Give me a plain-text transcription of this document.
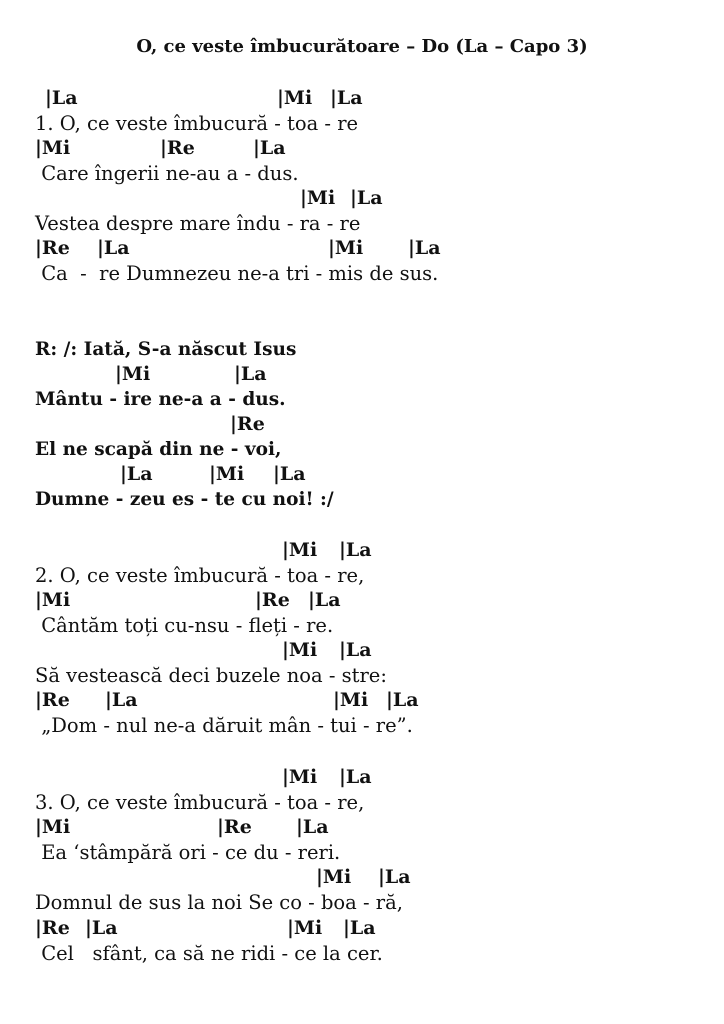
O, ce veste îmbucurătoare – Do (La – Capo 3)
|La	|Mi |La
1. O, ce veste îmbucură - toa - re
|Mi	|Re	|La
Care îngerii ne-au a - dus.
|Mi |La
Vestea despre mare îndu - ra - re
|Re |La	|Mi |La
Ca  -  re Dumnezeu ne-a tri - mis de sus.
R: /: Iată, S-a născut Isus
|Mi	|La
Mântu - ire ne-a a - dus.
|Re
El ne scapă din ne - voi,
|La	|Mi |La
Dumne - zeu es - te cu noi! :/
|Mi |La
2. O, ce veste îmbucură - toa - re,
|Mi	|Re |La
Cântăm toți cu-nsu - fleți - re.
|Mi |La
Să vestească deci buzele noa - stre:
|Re |La	|Mi |La
„Dom - nul ne-a dăruit mân - tui - re”.
|Mi |La
3. O, ce veste îmbucură - toa - re,
|Mi	|Re |La
Ea ‘stâmpără ori - ce du - reri.
|Mi |La
Domnul de sus la noi Se co - boa - ră,
|Re |La	|Mi |La
Cel   sfânt, ca să ne ridi - ce la cer.
